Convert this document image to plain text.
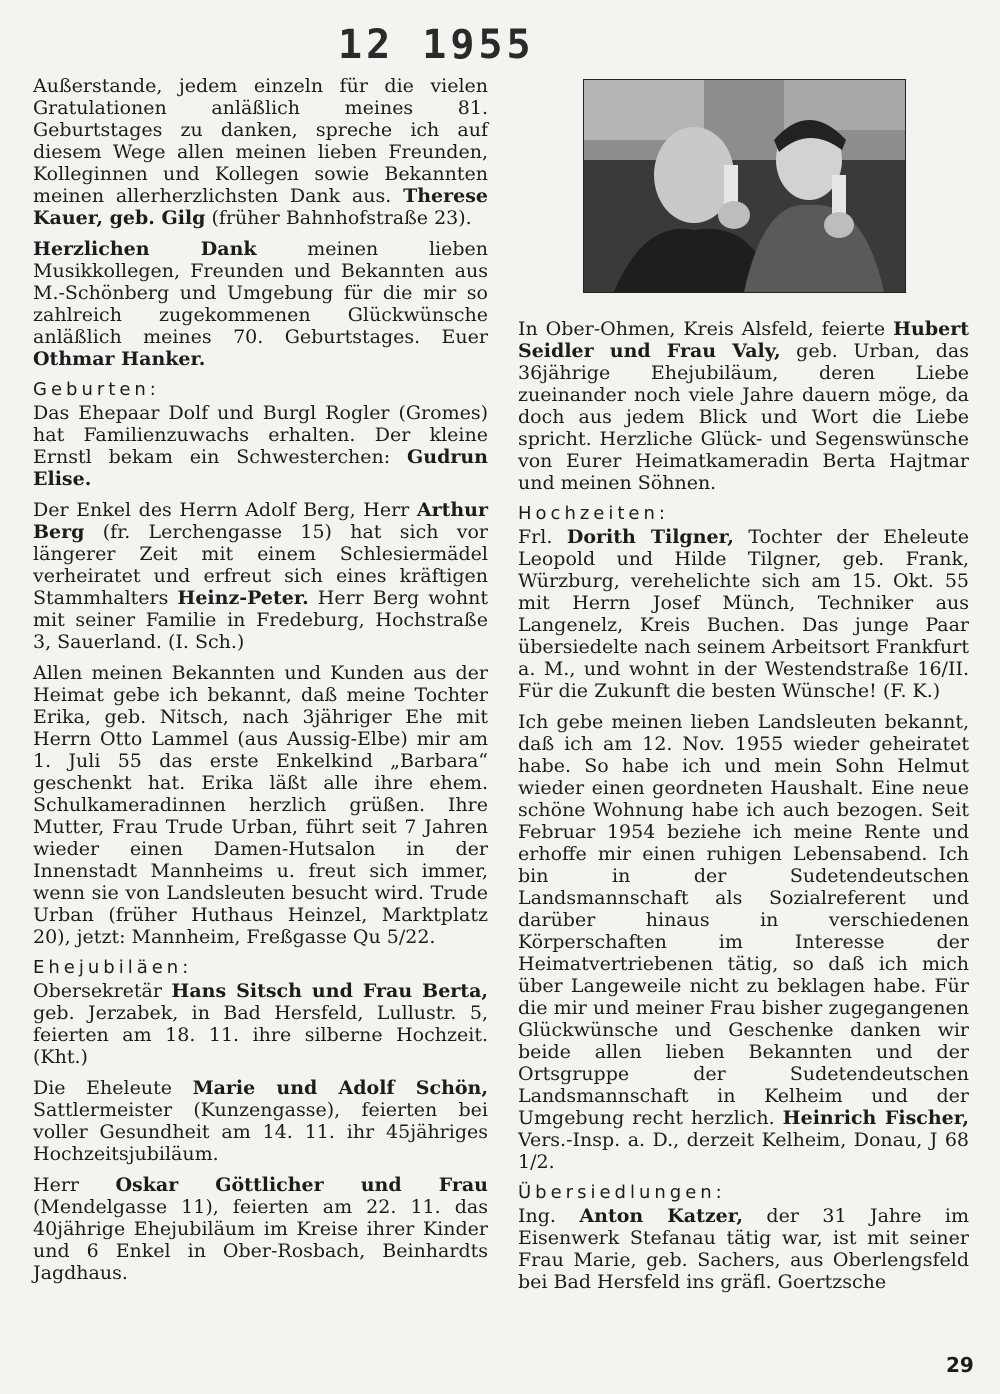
12 1955

Außerstande, jedem einzeln für die vielen Gratulationen anläßlich meines 81. Geburtstages zu danken, spreche ich auf diesem Wege allen meinen lieben Freunden, Kolleginnen und Kollegen sowie Bekannten meinen allerherzlichsten Dank aus. Therese Kauer, geb. Gilg (früher Bahnhofstraße 23).

Herzlichen Dank	meinen lieben Musikkollegen, Freunden und Bekannten aus M.-Schönberg und Umgebung für die mir so zahlreich zugekommenen Glückwünsche anläßlich meines 70. Geburtstages. Euer Othmar Hanker.

Geburten:

Das Ehepaar Dolf und Burgl Rogler (Gromes) hat Familienzuwachs erhalten. Der kleine Ernstl bekam ein Schwesterchen: Gudrun Elise.

Der Enkel des Herrn Adolf Berg, Herr Arthur Berg (fr. Lerchengasse 15) hat sich vor längerer Zeit mit einem Schlesiermädel verheiratet und erfreut sich eines kräftigen Stammhalters Heinz-Peter. Herr Berg wohnt mit seiner Familie in Fredeburg, Hochstraße 3, Sauerland. (I. Sch.)

Allen meinen Bekannten und Kunden aus der Heimat gebe ich bekannt, daß meine Tochter Erika, geb. Nitsch, nach 3jähriger Ehe mit Herrn Otto Lammel (aus Aussig-Elbe) mir am 1. Juli 55 das erste Enkelkind „Barbara“ geschenkt hat. Erika läßt alle ihre ehem. Schulkameradinnen herzlich grüßen. Ihre Mutter, Frau Trude Urban, führt seit 7 Jahren wieder einen Damen-Hutsalon in der Innenstadt Mannheims u. freut sich immer, wenn sie von Landsleuten besucht wird. Trude Urban (früher Huthaus Heinzel, Marktplatz 20), jetzt: Mannheim, Freßgasse Qu 5/22.

Ehejubiläen:

Obersekretär Hans Sitsch und Frau Berta, geb. Jerzabek, in Bad Hersfeld, Lullustr. 5, feierten am 18. 11. ihre silberne Hochzeit. (Kht.)

Die Eheleute Marie und Adolf Schön, Sattlermeister (Kunzengasse), feierten bei voller Gesundheit am 14. 11. ihr 45jähriges Hochzeitsjubiläum.

Herr Oskar Göttlicher und Frau (Mendelgasse 11), feierten am 22. 11. das 40jährige Ehejubiläum im Kreise ihrer Kinder und 6 Enkel in Ober-Rosbach, Beinhardts Jagdhaus.

In Ober-Ohmen, Kreis Alsfeld, feierte Hubert Seidler und Frau Valy, geb. Urban, das 36jährige Ehejubiläum, deren Liebe zueinander noch viele Jahre dauern möge, da doch aus jedem Blick und Wort die Liebe spricht. Herzliche Glück- und Segenswünsche von Eurer Heimatkameradin Berta Hajtmar und meinen Söhnen.

Hochzeiten:

Frl. Dorith Tilgner, Tochter der Eheleute Leopold und Hilde Tilgner, geb. Frank, Würzburg, verehelichte sich am 15. Okt. 55 mit Herrn Josef Münch, Techniker aus Langenelz, Kreis Buchen. Das junge Paar übersiedelte nach seinem Arbeitsort Frankfurt a. M., und wohnt in der Westendstraße 16/II. Für die Zukunft die besten Wünsche! (F. K.)

Ich gebe meinen lieben Landsleuten bekannt, daß ich am 12. Nov. 1955 wieder geheiratet habe. So habe ich und mein Sohn Helmut wieder einen geordneten Haushalt. Eine neue schöne Wohnung habe ich auch bezogen. Seit Februar 1954 beziehe ich meine Rente und erhoffe mir einen ruhigen Lebensabend. Ich bin in der Sudetendeutschen Landsmannschaft als Sozialreferent und darüber hinaus in verschiedenen Körperschaften im Interesse der Heimatvertriebenen tätig, so daß ich mich über Langeweile nicht zu beklagen habe. Für die mir und meiner Frau bisher zugegangenen Glückwünsche und Geschenke danken wir beide allen lieben Bekannten und der Ortsgruppe der Sudetendeutschen Landsmannschaft in Kelheim und der Umgebung recht herzlich. Heinrich Fischer, Vers.-Insp. a. D., derzeit Kelheim, Donau, J 68 1/2.

Übersiedlungen:

Ing. Anton Katzer, der 31 Jahre im Eisenwerk Stefanau tätig war, ist mit seiner Frau Marie, geb. Sachers, aus Oberlengsfeld bei Bad Hersfeld ins gräfl. Goertzsche

29
